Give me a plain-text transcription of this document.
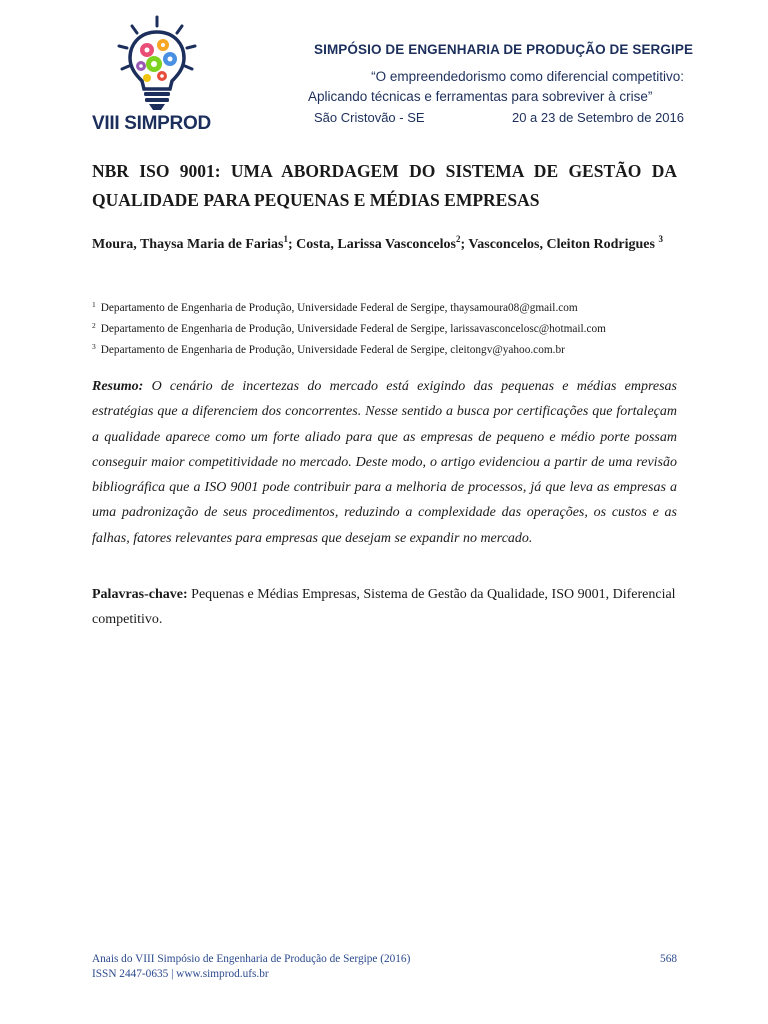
VIII SIMPROD
SIMPÓSIO DE ENGENHARIA DE PRODUÇÃO DE SERGIPE
“O empreendedorismo como diferencial competitivo:
Aplicando técnicas e ferramentas para sobreviver à crise”
São Cristovão - SE	20 a 23 de Setembro de 2016
NBR ISO 9001: UMA ABORDAGEM DO SISTEMA DE GESTÃO DA QUALIDADE PARA PEQUENAS E MÉDIAS EMPRESAS

Moura, Thaysa Maria de Farias$^1$; Costa, Larissa Vasconcelos$^2$; Vasconcelos, Cleiton Rodrigues $^3$

$^1$ Departamento de Engenharia de Produção, Universidade Federal de Sergipe, thaysamoura08@gmail.com

$^2$ Departamento de Engenharia de Produção, Universidade Federal de Sergipe, larissavasconcelosc@hotmail.com

$^3$ Departamento de Engenharia de Produção, Universidade Federal de Sergipe, cleitongv@yahoo.com.br

Resumo: O cenário de incertezas do mercado está exigindo das pequenas e médias empresas estratégias que a diferenciem dos concorrentes. Nesse sentido a busca por certificações que fortaleçam a qualidade aparece como um forte aliado para que as empresas de pequeno e médio porte possam conseguir maior competitividade no mercado. Deste modo, o artigo evidenciou a partir de uma revisão bibliográfica que a ISO 9001 pode contribuir para a melhoria de processos, já que leva as empresas a uma padronização de seus procedimentos, reduzindo a complexidade das operações, os custos e as falhas, fatores relevantes para empresas que desejam se expandir no mercado.

Palavras-chave: Pequenas e Médias Empresas, Sistema de Gestão da Qualidade, ISO 9001, Diferencial competitivo.

Anais do VIII Simpósio de Engenharia de Produção de Sergipe (2016)
ISSN 2447-0635 | www.simprod.ufs.br
568
